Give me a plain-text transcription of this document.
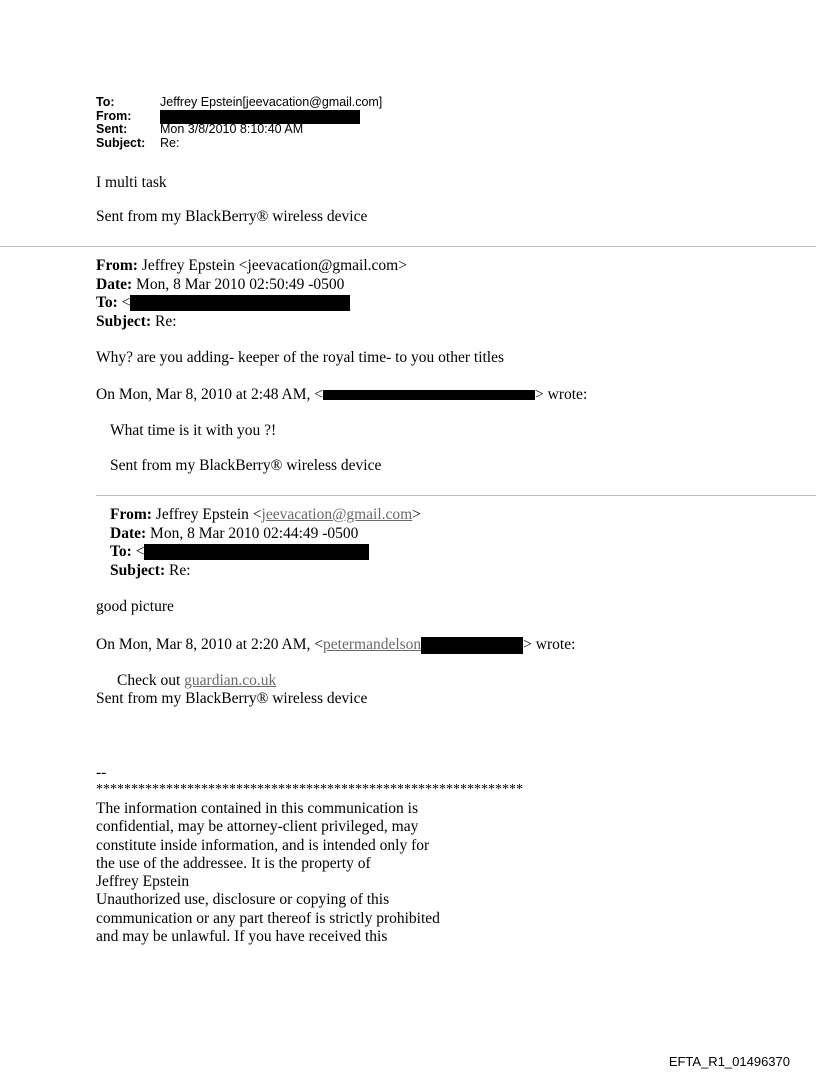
To:	Jeffrey Epstein[jeevacation@gmail.com]
From:
Sent:	Mon 3/8/2010 8:10:40 AM
Subject:	Re:
I multi task
Sent from my BlackBerry® wireless device
From: Jeffrey Epstein <jeevacation@gmail.com>
Date: Mon, 8 Mar 2010 02:50:49 -0500
To: <
Subject: Re:
Why? are you adding- keeper of the royal time- to you other titles
On Mon, Mar 8, 2010 at 2:48 AM, <	> wrote:
What time is it with you ?!
Sent from my BlackBerry® wireless device
From: Jeffrey Epstein <jeevacation@gmail.com>
Date: Mon, 8 Mar 2010 02:44:49 -0500
To: <
Subject: Re:
good picture
On Mon, Mar 8, 2010 at 2:20 AM, <petermandelson	> wrote:
Check out guardian.co.uk
Sent from my BlackBerry® wireless device
--
*************************************************************
The information contained in this communication is
confidential, may be attorney-client privileged, may
constitute inside information, and is intended only for
the use of the addressee. It is the property of
Jeffrey Epstein
Unauthorized use, disclosure or copying of this
communication or any part thereof is strictly prohibited
and may be unlawful. If you have received this
EFTA_R1_01496370
